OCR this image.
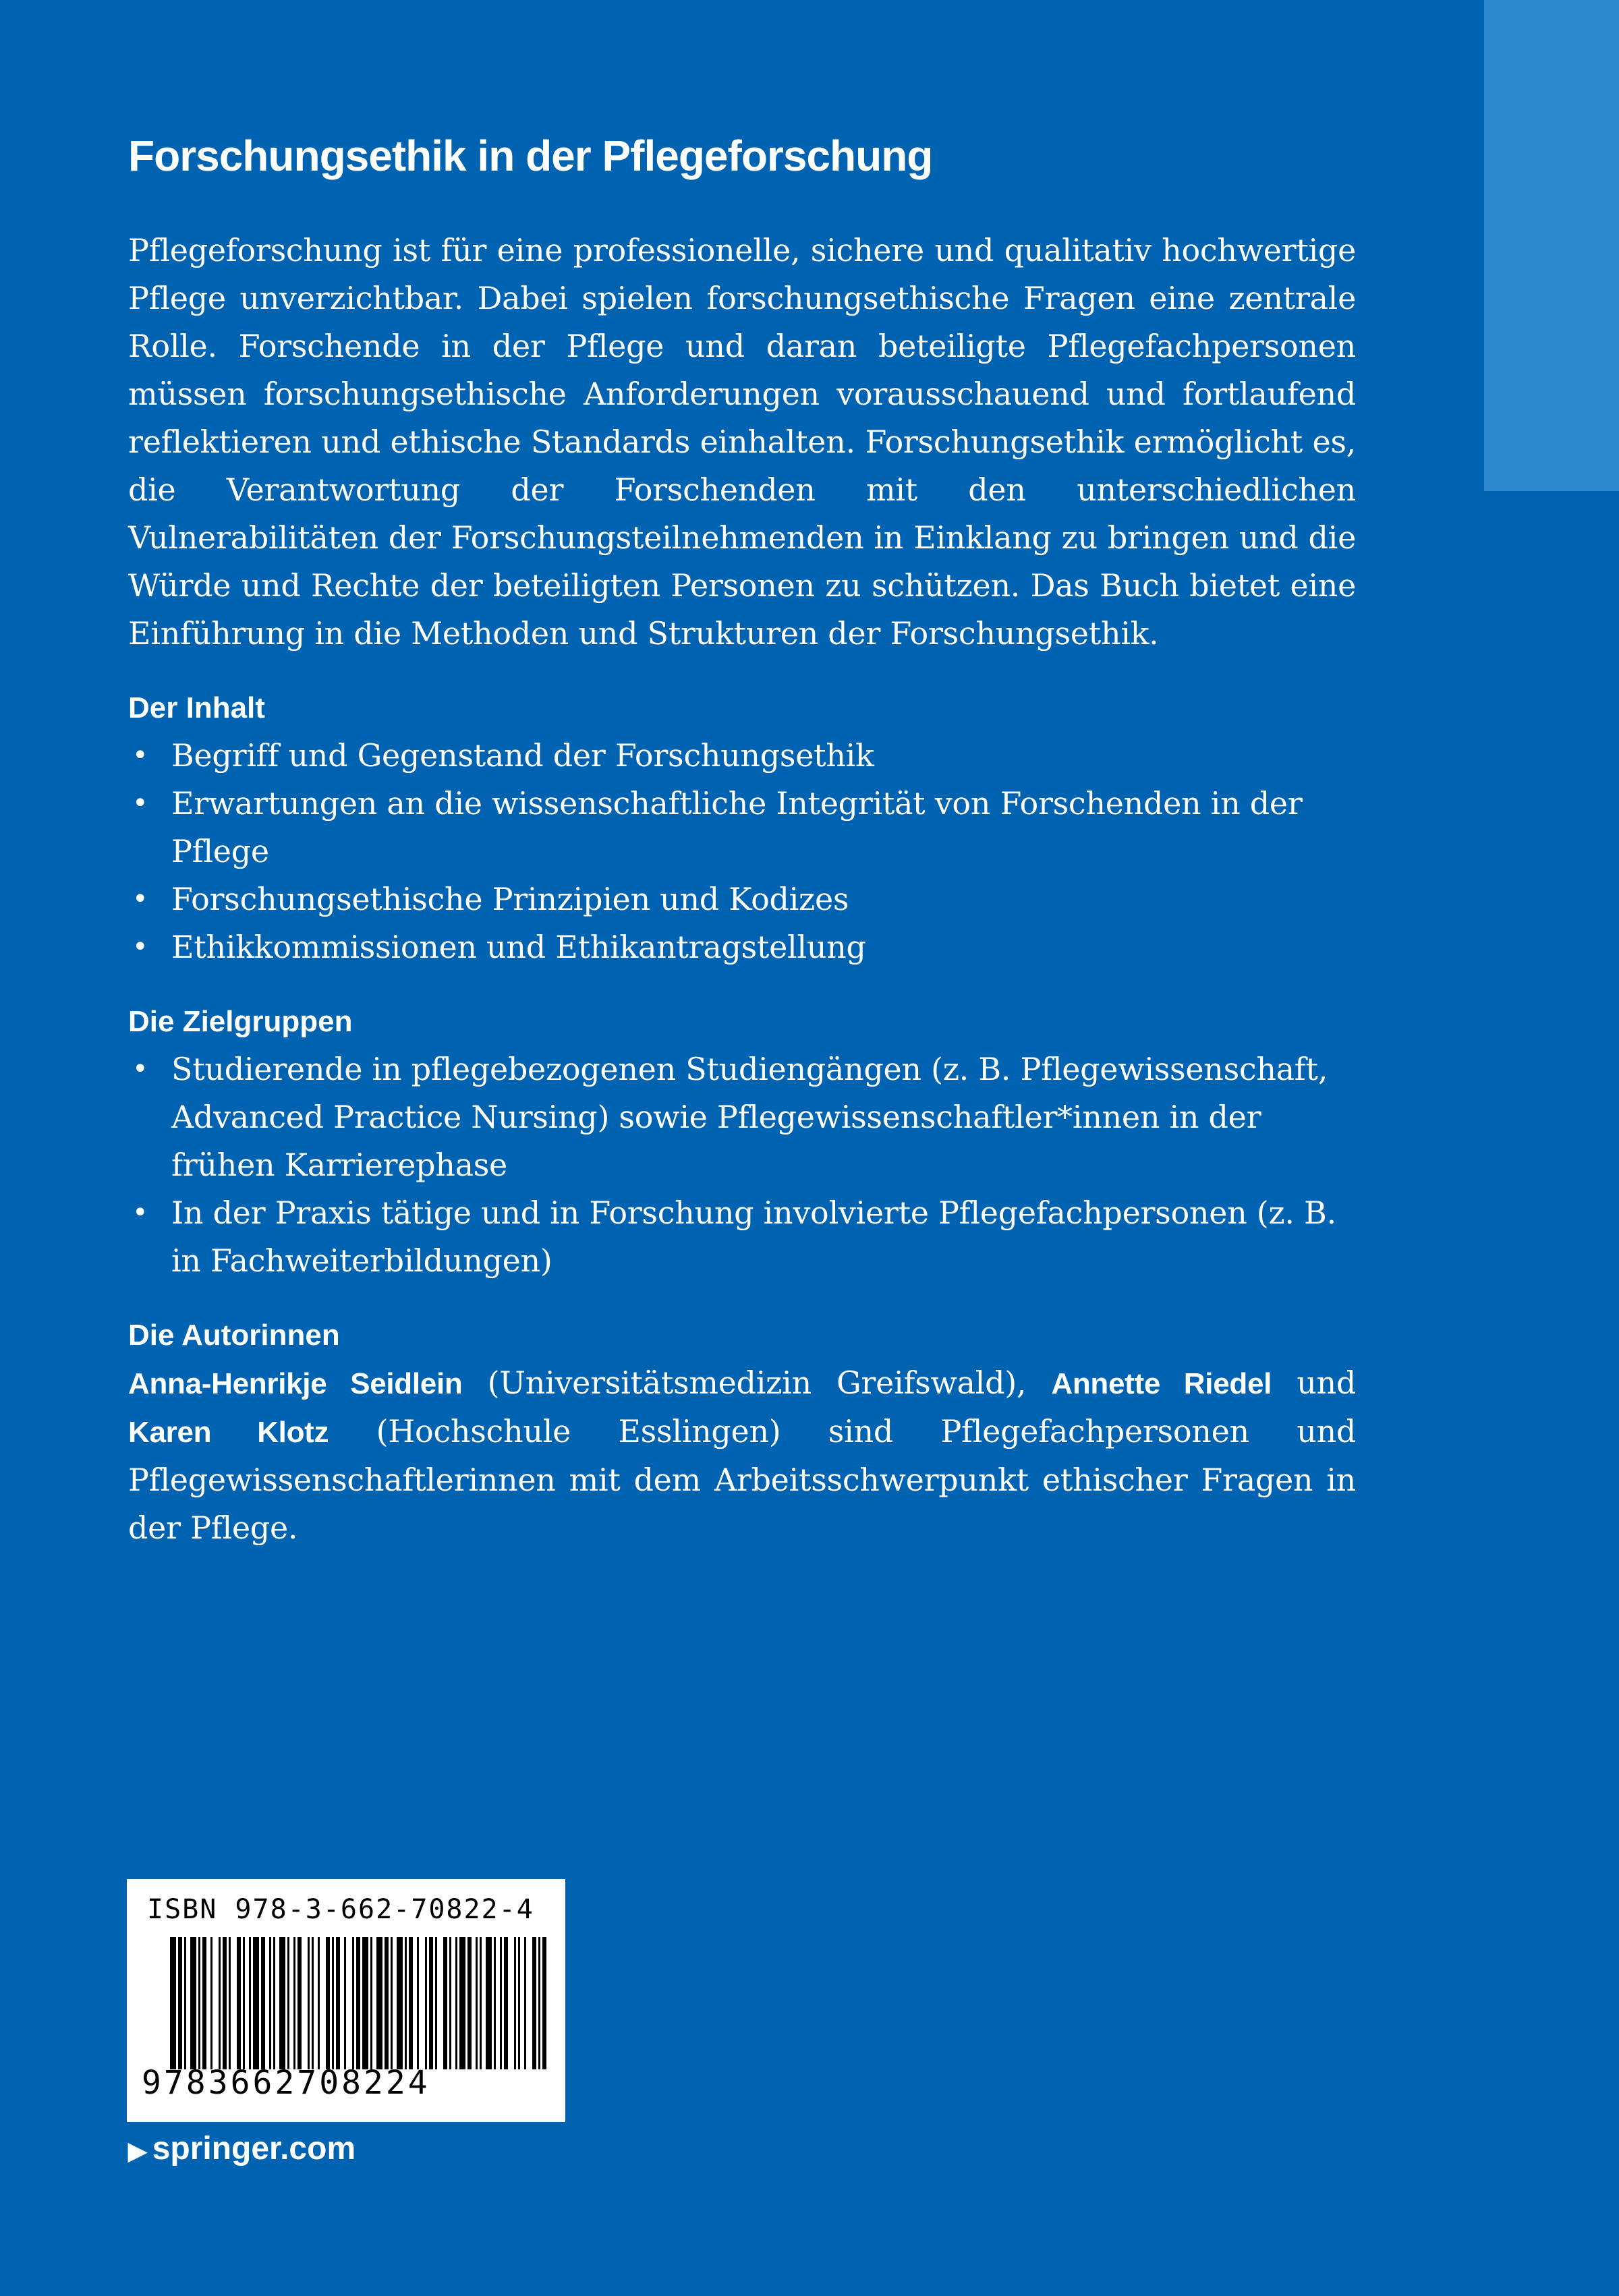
Forschungsethik in der Pflegeforschung

Pflegeforschung ist für eine professionelle, sichere und qualitativ hochwertige Pflege unverzichtbar. Dabei spielen forschungsethische Fragen eine zentrale Rolle. Forschende in der Pflege und daran beteiligte Pflegefachpersonen müssen forschungsethische Anforderungen vorausschauend und fortlaufend reflektieren und ethische Standards einhalten. Forschungsethik ermöglicht es, die Verantwortung der Forschenden mit den unterschiedlichen Vulnerabilitäten der Forschungsteilnehmenden in Einklang zu bringen und die Würde und Rechte der beteiligten Personen zu schützen. Das Buch bietet eine Einführung in die Methoden und Strukturen der Forschungsethik.

Der Inhalt
• Begriff und Gegenstand der Forschungsethik
• Erwartungen an die wissenschaftliche Integrität von Forschenden in der Pflege
• Forschungsethische Prinzipien und Kodizes
• Ethikkommissionen und Ethikantragstellung
Die Zielgruppen
• Studierende in pflegebezogenen Studiengängen (z. B. Pflegewissenschaft, Advanced Practice Nursing) sowie Pflegewissenschaftler*innen in der frühen Karrierephase
• In der Praxis tätige und in Forschung involvierte Pflegefachpersonen (z. B. in Fachweiterbildungen)
Die Autorinnen

Anna-Henrikje Seidlein (Universitätsmedizin Greifswald), Annette Riedel und Karen Klotz (Hochschule Esslingen) sind Pflegefachpersonen und Pflegewissenschaftlerinnen mit dem Arbeitsschwerpunkt ethischer Fragen in der Pflege.

ISBN 978-3-662-70822-4
9783662708224
▶ springer.com
